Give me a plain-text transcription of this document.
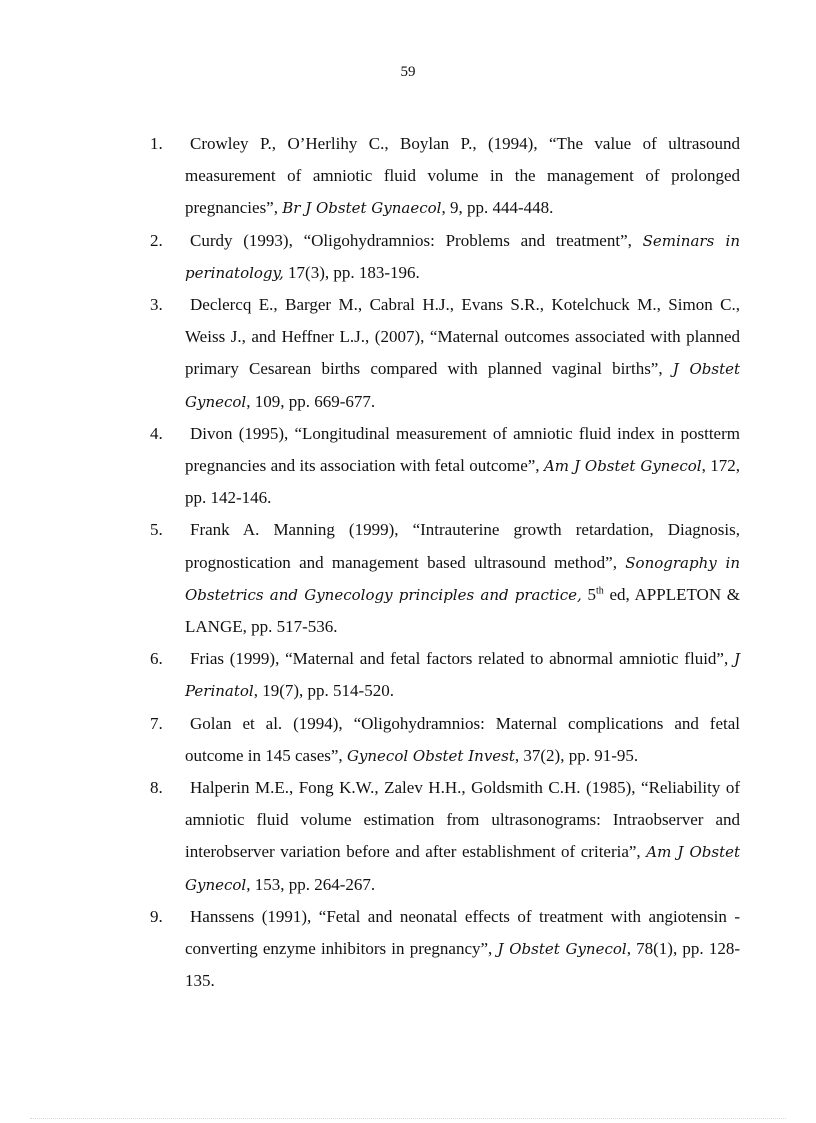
59
1. Crowley P., O’Herlihy C., Boylan P., (1994), “The value of ultrasound measurement of amniotic fluid volume in the management of prolonged pregnancies”, Br J Obstet Gynaecol, 9, pp. 444-448.
2. Curdy (1993), “Oligohydramnios: Problems and treatment”, Seminars in perinatology, 17(3), pp. 183-196.
3. Declercq E., Barger M., Cabral H.J., Evans S.R., Kotelchuck M., Simon C., Weiss J., and Heffner L.J., (2007), “Maternal outcomes associated with planned primary Cesarean births compared with planned vaginal births”, J Obstet Gynecol, 109, pp. 669-677.
4. Divon (1995), “Longitudinal measurement of amniotic fluid index in postterm pregnancies and its association with fetal outcome”, Am J Obstet Gynecol, 172, pp. 142-146.
5. Frank A. Manning (1999), “Intrauterine growth retardation, Diagnosis, prognostication and management based ultrasound method”, Sonography in Obstetrics and Gynecology principles and practice, 5th ed, APPLETON & LANGE, pp. 517-536.
6. Frias (1999), “Maternal and fetal factors related to abnormal amniotic fluid”, J Perinatol, 19(7), pp. 514-520.
7. Golan et al. (1994), “Oligohydramnios: Maternal complications and fetal outcome in 145 cases”, Gynecol Obstet Invest, 37(2), pp. 91-95.
8. Halperin M.E., Fong K.W., Zalev H.H., Goldsmith C.H. (1985), “Reliability of amniotic fluid volume estimation from ultrasonograms: Intraobserver and interobserver variation before and after establishment of criteria”, Am J Obstet Gynecol, 153, pp. 264-267.
9. Hanssens (1991), “Fetal and neonatal effects of treatment with angiotensin - converting enzyme inhibitors in pregnancy”, J Obstet Gynecol, 78(1), pp. 128-135.
